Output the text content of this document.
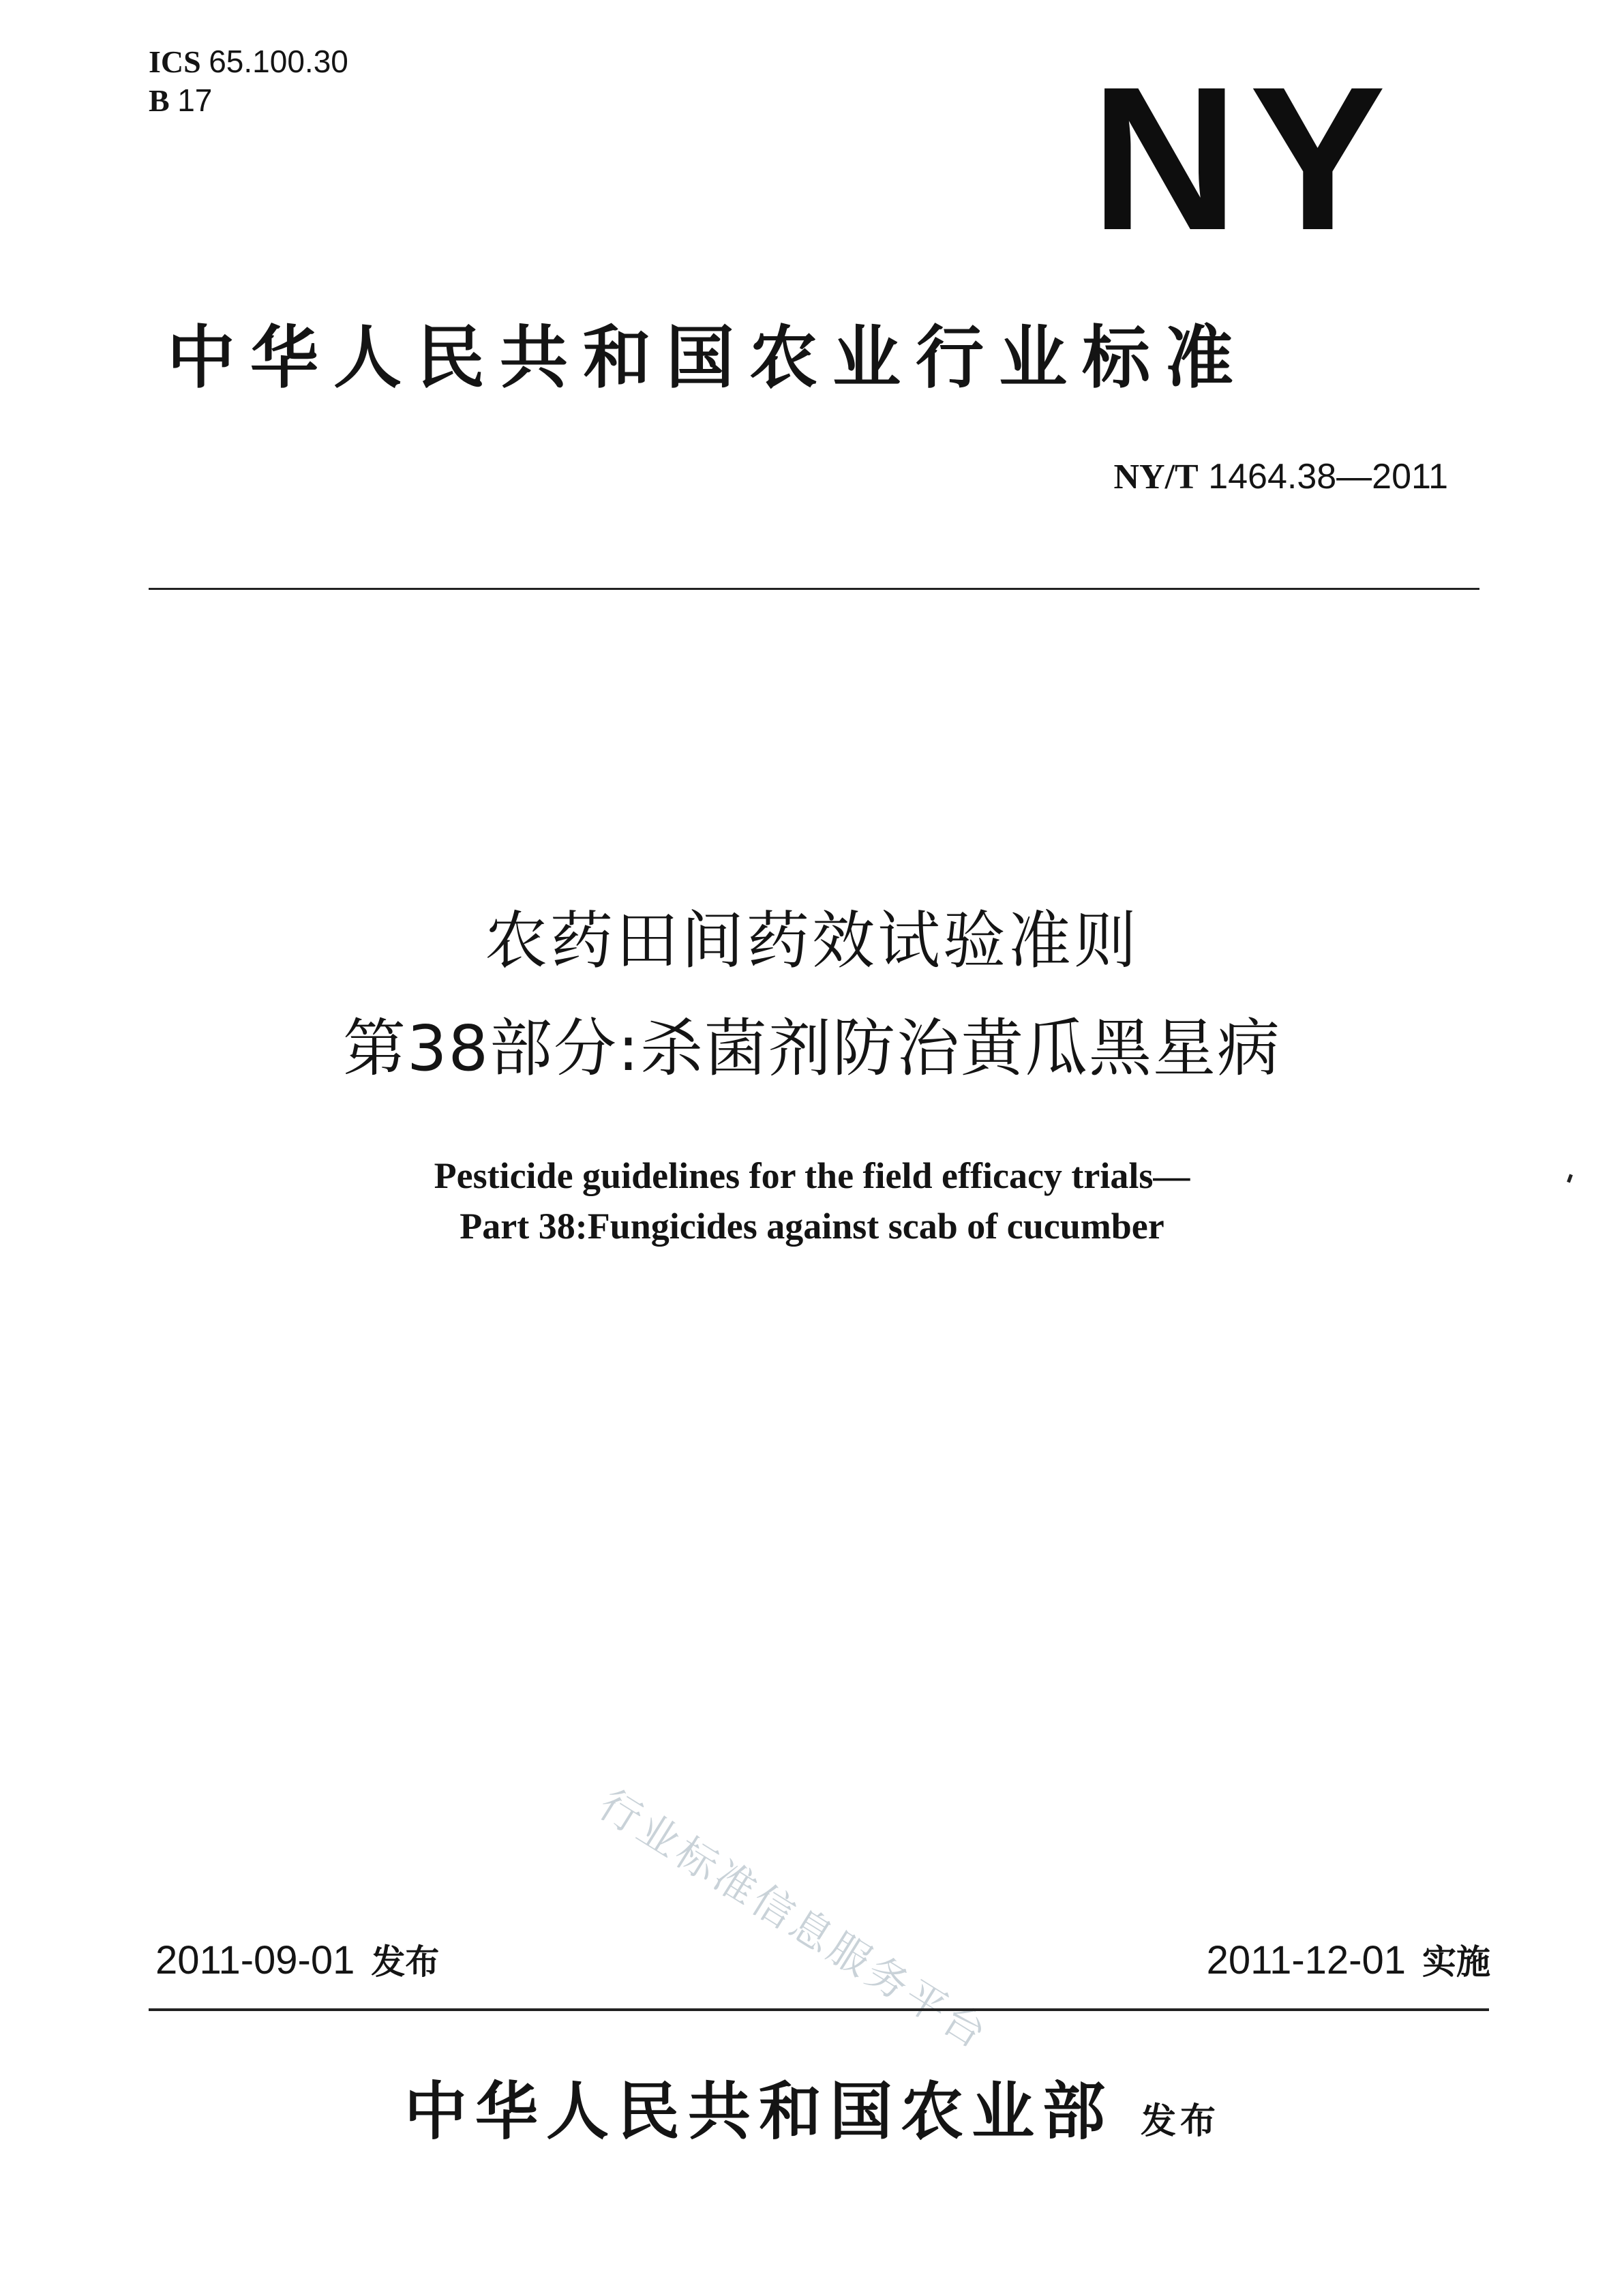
ICS 65.100.30
B 17	NY
中华人民共和国农业行业标准
NY/T 1464.38—2011
农药田间药效试验准则
第38部分:杀菌剂防治黄瓜黑星病
Pesticide guidelines for the field efficacy trials—
Part 38:Fungicides against scab of cucumber
行业标准信息服务平台
2011-09-01 发布	2011-12-01 实施
中华人民共和国农业部 发布
